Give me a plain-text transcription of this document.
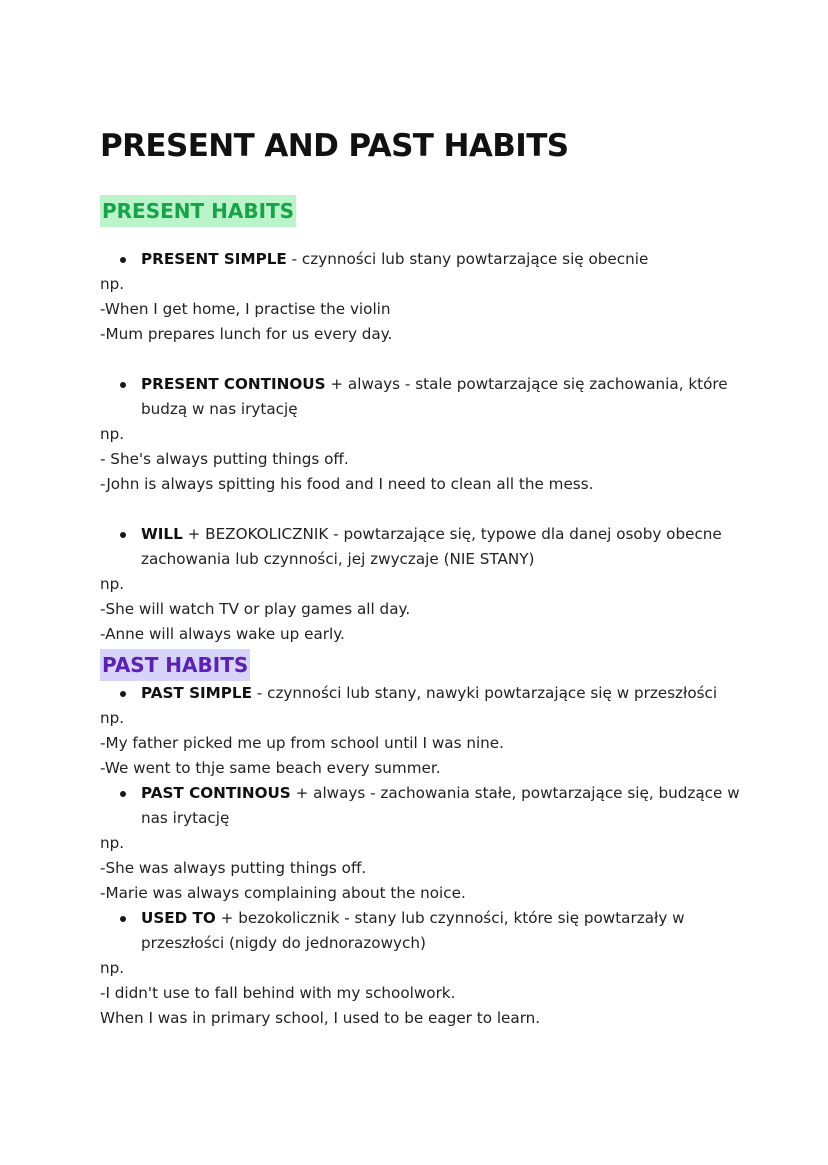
PRESENT AND PAST HABITS
PRESENT HABITS
PRESENT SIMPLE - czynności lub stany powtarzające się obecnie
np.
-When I get home, I practise the violin
-Mum prepares lunch for us every day.
PRESENT CONTINOUS + always - stale powtarzające się zachowania, które
budzą w nas irytację
np.
- She's always putting things off.
-John is always spitting his food and I need to clean all the mess.
WILL + BEZOKOLICZNIK - powtarzające się, typowe dla danej osoby obecne
zachowania lub czynności, jej zwyczaje (NIE STANY)
np.
-She will watch TV or play games all day.
-Anne will always wake up early.
PAST HABITS
PAST SIMPLE - czynności lub stany, nawyki powtarzające się w przeszłości
np.
-My father picked me up from school until I was nine.
-We went to thje same beach every summer.
PAST CONTINOUS + always - zachowania stałe, powtarzające się, budzące w
nas irytację
np.
-She was always putting things off.
-Marie was always complaining about the noice.
USED TO + bezokolicznik - stany lub czynności, które się powtarzały w
przeszłości (nigdy do jednorazowych)
np.
-I didn't use to fall behind with my schoolwork.
When I was in primary school, I used to be eager to learn.
